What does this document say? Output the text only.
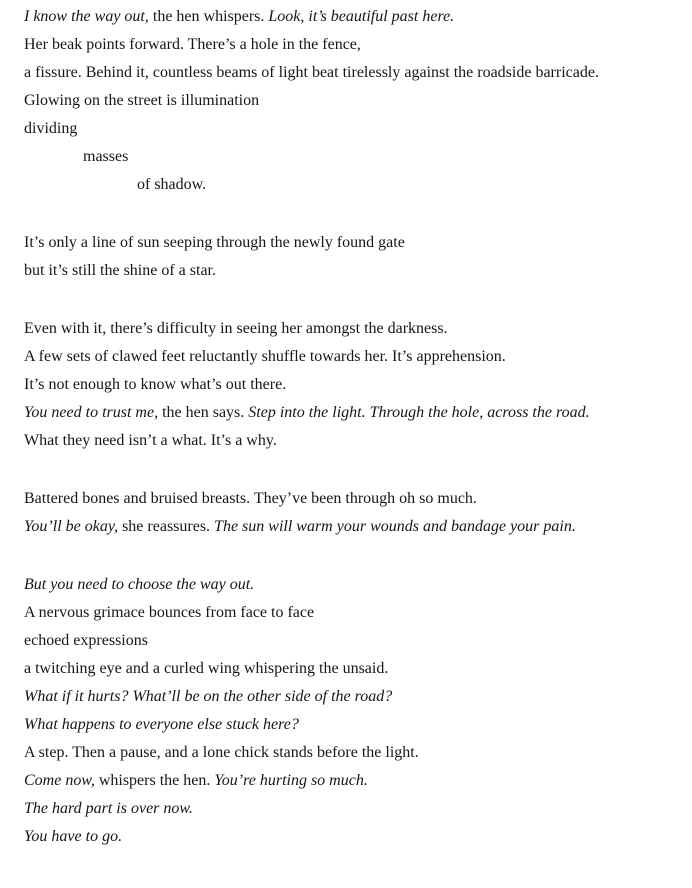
I know the way out, the hen whispers. Look, it’s beautiful past here.

Her beak points forward. There’s a hole in the fence,

a fissure. Behind it, countless beams of light beat tirelessly against the roadside barricade.

Glowing on the street is illumination

dividing

masses

of shadow.

It’s only a line of sun seeping through the newly found gate

but it’s still the shine of a star.

Even with it, there’s difficulty in seeing her amongst the darkness.

A few sets of clawed feet reluctantly shuffle towards her. It’s apprehension.

It’s not enough to know what’s out there.

You need to trust me, the hen says. Step into the light. Through the hole, across the road.

What they need isn’t a what. It’s a why.

Battered bones and bruised breasts. They’ve been through oh so much.

You’ll be okay, she reassures. The sun will warm your wounds and bandage your pain.

But you need to choose the way out.

A nervous grimace bounces from face to face

echoed expressions

a twitching eye and a curled wing whispering the unsaid.

What if it hurts? What’ll be on the other side of the road?

What happens to everyone else stuck here?

A step. Then a pause, and a lone chick stands before the light.

Come now, whispers the hen. You’re hurting so much.

The hard part is over now.

You have to go.
